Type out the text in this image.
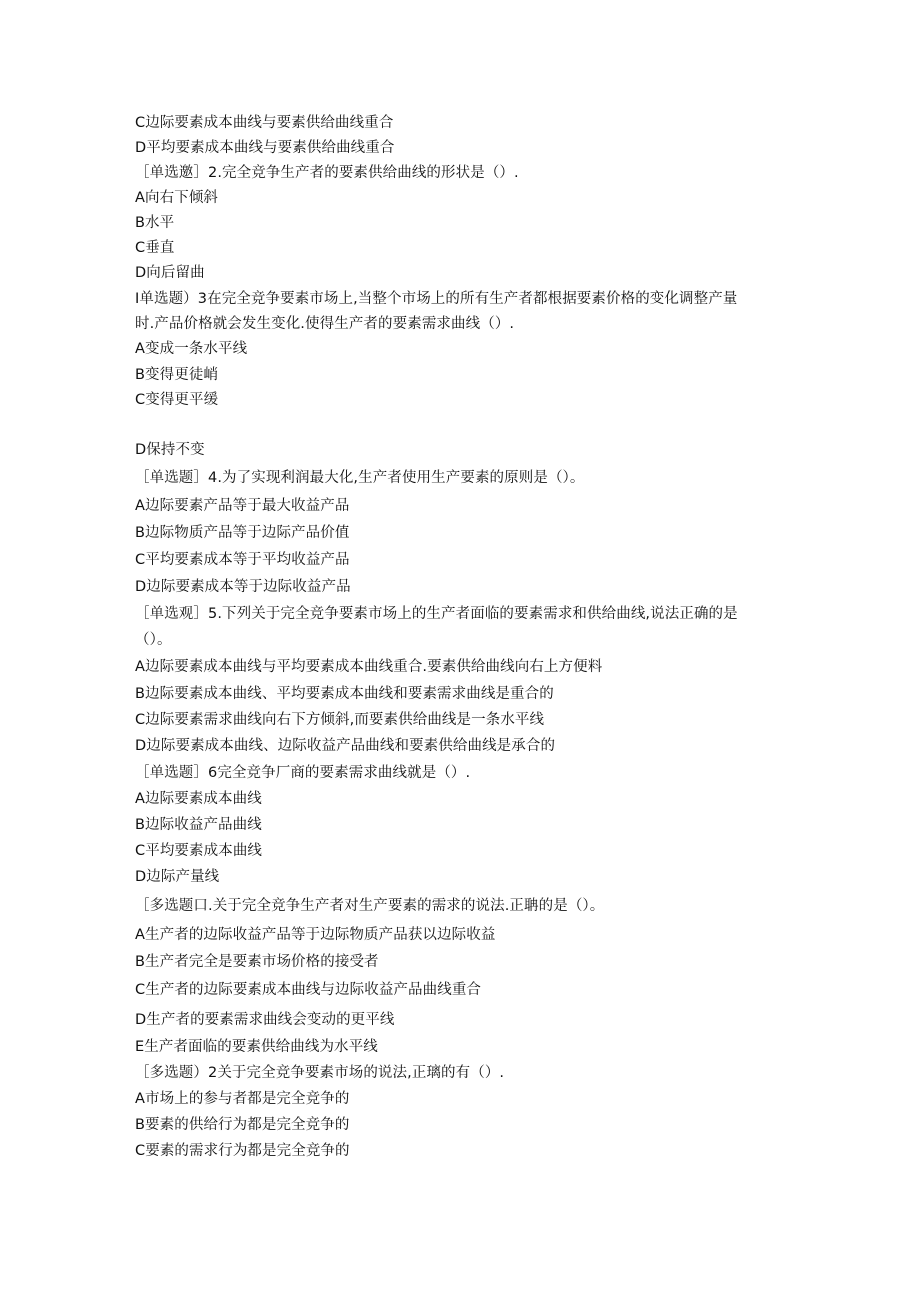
C边际要素成本曲线与要素供给曲线重合
D平均要素成本曲线与要素供给曲线重合
［单选邀］2.完全竞争生产者的要素供给曲线的形状是（）.
A向右下倾斜
B水平
C垂直
D向后留曲
I单选题）3在完全竞争要素市场上,当整个市场上的所有生产者都根据要素价格的变化调整产量
时.产品价格就会发生变化.使得生产者的要素需求曲线（）.
A变成一条水平线
B变得更徒峭
C变得更平缓
D保持不变
［单选题］4.为了实现利润最大化,生产者使用生产要素的原则是（）。
A边际要素产品等于最大收益产品
B边际物质产品等于边际产品价值
C平均要素成本等于平均收益产品
D边际要素成本等于边际收益产品
［单选观］5.下列关于完全竞争要素市场上的生产者面临的要素需求和供给曲线,说法正确的是
（）。
A边际要素成本曲线与平均要素成本曲线重合.要素供给曲线向右上方便料
B边际要素成本曲线、平均要素成本曲线和要素需求曲线是重合的
C边际要素需求曲线向右下方倾斜,而要素供给曲线是一条水平线
D边际要素成本曲线、边际收益产品曲线和要素供给曲线是承合的
［单选题］6完全竞争厂商的要素需求曲线就是（）.
A边际要素成本曲线
B边际收益产品曲线
C平均要素成本曲线
D边际产量线
［多选题口.关于完全竞争生产者对生产要素的需求的说法.正聃的是（）。
A生产者的边际收益产品等于边际物质产品获以边际收益
B生产者完全是要素市场价格的接受者
C生产者的边际要素成本曲线与边际收益产品曲线重合
D生产者的要素需求曲线会变动的更平线
E生产者面临的要素供给曲线为水平线
［多选题）2关于完全竞争要素市场的说法,正璃的有（）.
A市场上的参与者都是完全竞争的
B要素的供给行为都是完全竞争的
C要素的需求行为都是完全竞争的
